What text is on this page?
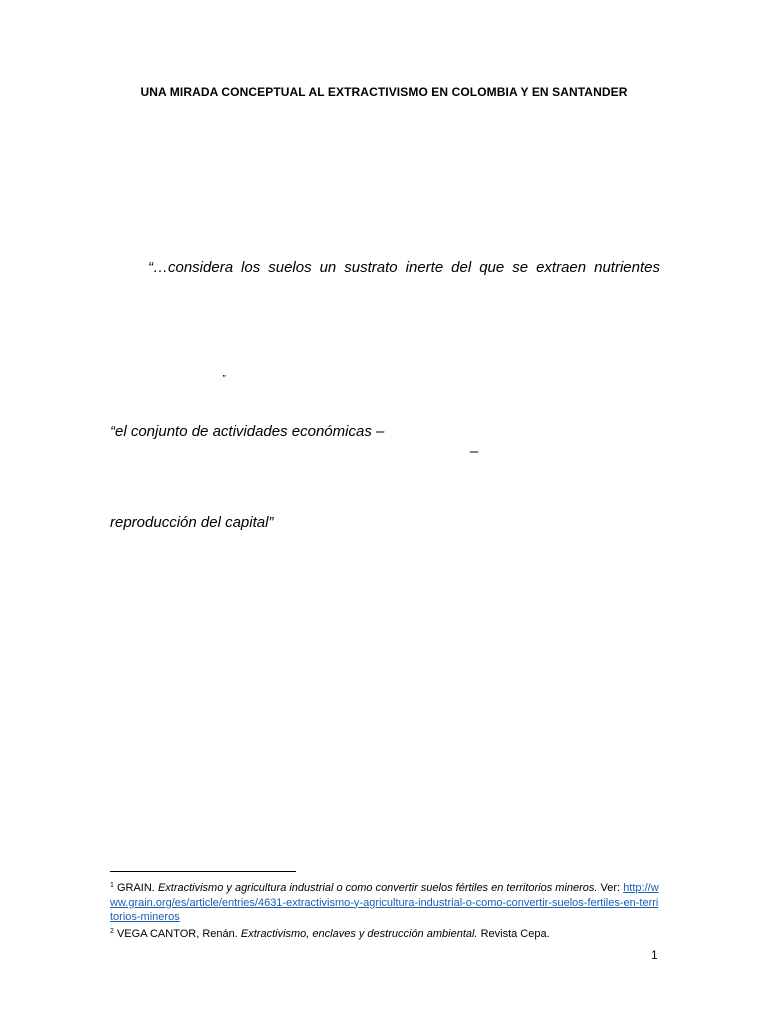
UNA MIRADA CONCEPTUAL AL EXTRACTIVISMO EN COLOMBIA Y EN SANTANDER
“…considera los suelos un sustrato inerte del que se extraen nutrientes
”
“el conjunto de actividades económicas –
–
reproducción del capital”
$^1$ GRAIN. Extractivismo y agricultura industrial o como convertir suelos fértiles en territorios mineros. Ver: http://www.grain.org/es/article/entries/4631-extractivismo-y-agricultura-industrial-o-como-convertir-suelos-fertiles-en-territorios-mineros
$^2$ VEGA CANTOR, Renán. Extractivismo, enclaves y destrucción ambiental. Revista Cepa.
1
